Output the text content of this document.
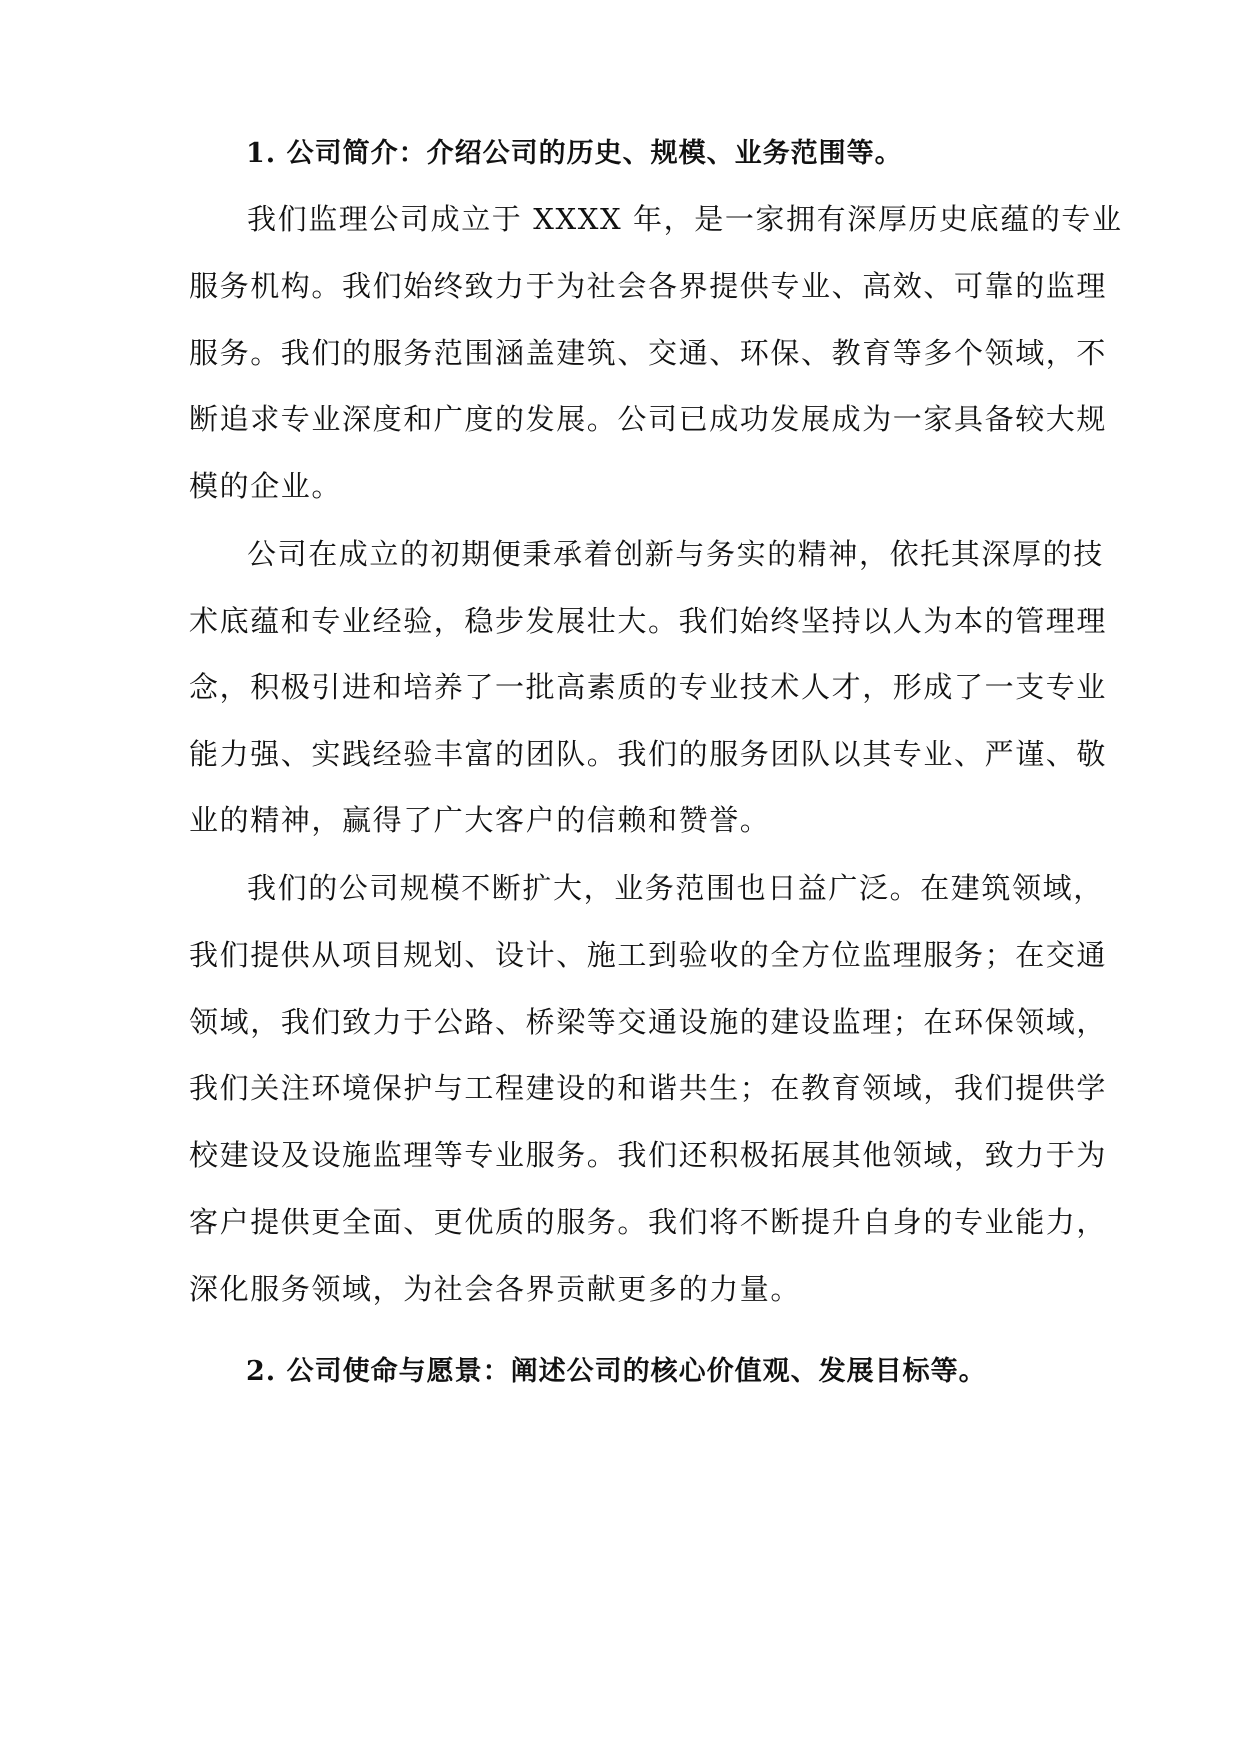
1. 公司简介：介绍公司的历史、规模、业务范围等。
我们监理公司成立于 XXXX 年，是一家拥有深厚历史底蕴的专业
服务机构。我们始终致力于为社会各界提供专业、高效、可靠的监理
服务。我们的服务范围涵盖建筑、交通、环保、教育等多个领域，不
断追求专业深度和广度的发展。公司已成功发展成为一家具备较大规
模的企业。
公司在成立的初期便秉承着创新与务实的精神，依托其深厚的技
术底蕴和专业经验，稳步发展壮大。我们始终坚持以人为本的管理理
念，积极引进和培养了一批高素质的专业技术人才，形成了一支专业
能力强、实践经验丰富的团队。我们的服务团队以其专业、严谨、敬
业的精神，赢得了广大客户的信赖和赞誉。
我们的公司规模不断扩大，业务范围也日益广泛。在建筑领域，
我们提供从项目规划、设计、施工到验收的全方位监理服务；在交通
领域，我们致力于公路、桥梁等交通设施的建设监理；在环保领域，
我们关注环境保护与工程建设的和谐共生；在教育领域，我们提供学
校建设及设施监理等专业服务。我们还积极拓展其他领域，致力于为
客户提供更全面、更优质的服务。我们将不断提升自身的专业能力，
深化服务领域，为社会各界贡献更多的力量。
2. 公司使命与愿景：阐述公司的核心价值观、发展目标等。
